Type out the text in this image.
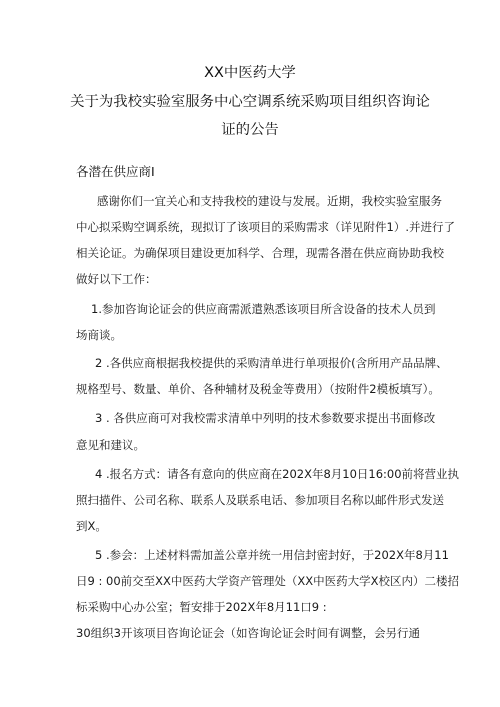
XX中医药大学
关于为我校实验室服务中心空调系统采购项目组织咨询论
证的公告
各潜在供应商I
感谢你们一宜关心和支持我校的建设与发展。近期，我校实验室服务
中心拟采购空调系统，现拟订了该项目的采购需求（详见附件1）.并进行了
相关论证。为确保项目建设更加科学、合理，现需各潜在供应商协助我校
做好以下工作：
1.参加咨询论证会的供应商需派遣熟悉该项目所含设备的技术人员到
场商谈。
2 .各供应商根据我校提供的采购清单进行单项报价(含所用产品品牌、
规格型号、数量、单价、各种辅材及税金等费用）（按附件2模板填写）。
3 . 各供应商可对我校需求清单中列明的技术参数要求提出书面修改
意见和建议。
4 .报名方式：请各有意向的供应商在202X年8月10日16:00前将营业执
照扫描件、公司名称、联系人及联系电话、参加项目名称以邮件形式发送
到X。
5 .参会：上述材料需加盖公章并统一用信封密封好，于202X年8月11
日9 : 00前交至XX中医药大学资产管理处（XX中医药大学X校区内）二楼招
标采购中心办公室；暂安排于202X年8月11口9 :
30组织3开该项目咨询论证会（如咨询论证会时间有调整，会另行通
